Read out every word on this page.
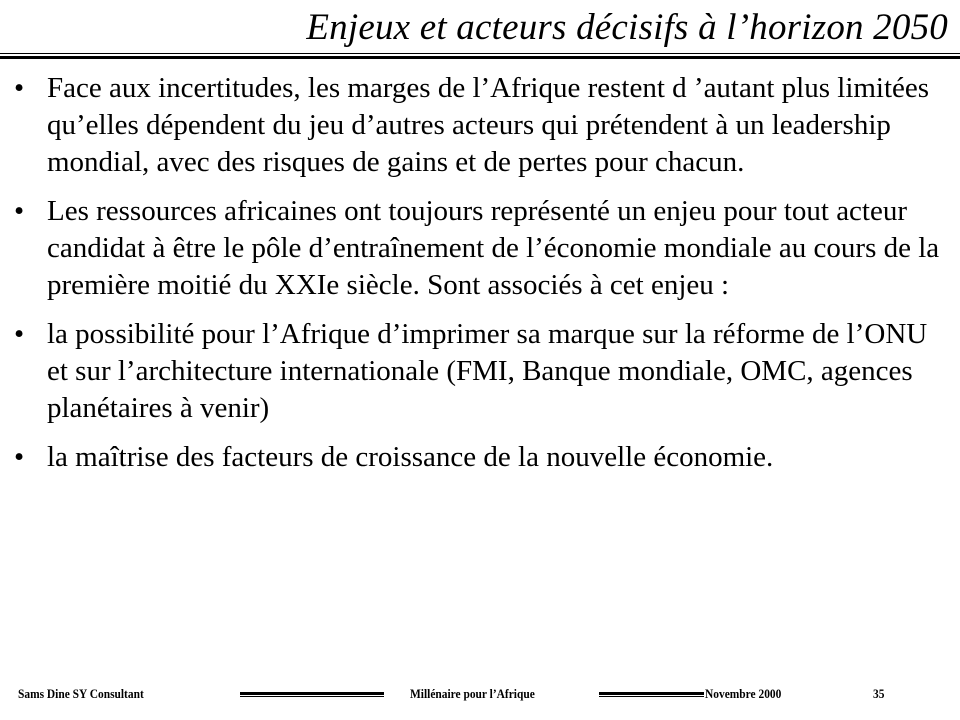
Enjeux et acteurs décisifs à l’horizon 2050
• Face aux incertitudes, les marges de l’Afrique restent d ’autant plus limitées qu’elles dépendent du jeu d’autres acteurs qui prétendent à un leadership mondial, avec des risques de gains et de pertes pour chacun.
• Les ressources africaines ont toujours représenté un enjeu pour tout acteur candidat à être le pôle d’entraînement de l’économie mondiale au cours de la première moitié du XXIe siècle. Sont associés à cet enjeu :
• la possibilité pour l’Afrique d’imprimer sa marque sur la réforme de l’ONU et sur l’architecture internationale (FMI, Banque mondiale, OMC, agences planétaires à venir)
• la maîtrise des facteurs de croissance de la nouvelle économie.
Sams Dine SY Consultant	Millénaire pour l’Afrique	Novembre 2000	35
